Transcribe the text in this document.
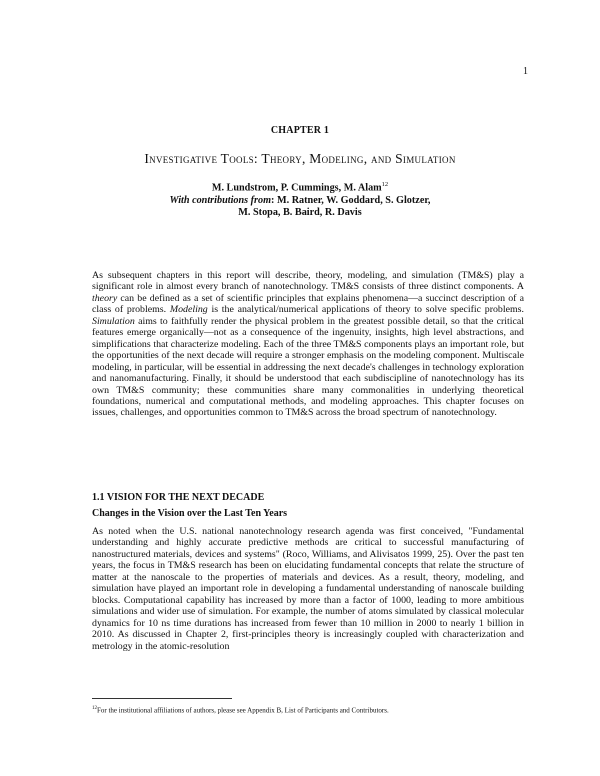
1
CHAPTER 1
Investigative Tools: Theory, Modeling, and Simulation
M. Lundstrom, P. Cummings, M. Alam$^{12}$
With contributions from: M. Ratner, W. Goddard, S. Glotzer,
M. Stopa, B. Baird, R. Davis

As subsequent chapters in this report will describe, theory, modeling, and simulation (TM&S) play a significant role in almost every branch of nanotechnology. TM&S consists of three distinct components. A theory can be defined as a set of scientific principles that explains phenomena—a succinct description of a class of problems. Modeling is the analytical/numerical applications of theory to solve specific problems. Simulation aims to faithfully render the physical problem in the greatest possible detail, so that the critical features emerge organically—not as a consequence of the ingenuity, insights, high level abstractions, and simplifications that characterize modeling. Each of the three TM&S components plays an important role, but the opportunities of the next decade will require a stronger emphasis on the modeling component. Multiscale modeling, in particular, will be essential in addressing the next decade's challenges in technology exploration and nanomanufacturing. Finally, it should be understood that each subdiscipline of nanotechnology has its own TM&S community; these communities share many commonalities in underlying theoretical foundations, numerical and computational methods, and modeling approaches. This chapter focuses on issues, challenges, and opportunities common to TM&S across the broad spectrum of nanotechnology.

1.1 VISION FOR THE NEXT DECADE
Changes in the Vision over the Last Ten Years

As noted when the U.S. national nanotechnology research agenda was first conceived, "Fundamental understanding and highly accurate predictive methods are critical to successful manufacturing of nanostructured materials, devices and systems" (Roco, Williams, and Alivisatos 1999, 25). Over the past ten years, the focus in TM&S research has been on elucidating fundamental concepts that relate the structure of matter at the nanoscale to the properties of materials and devices. As a result, theory, modeling, and simulation have played an important role in developing a fundamental understanding of nanoscale building blocks. Computational capability has increased by more than a factor of 1000, leading to more ambitious simulations and wider use of simulation. For example, the number of atoms simulated by classical molecular dynamics for 10 ns time durations has increased from fewer than 10 million in 2000 to nearly 1 billion in 2010. As discussed in Chapter 2, first-principles theory is increasingly coupled with characterization and metrology in the atomic-resolution

$^{12}$For the institutional affiliations of authors, please see Appendix B, List of Participants and Contributors.
